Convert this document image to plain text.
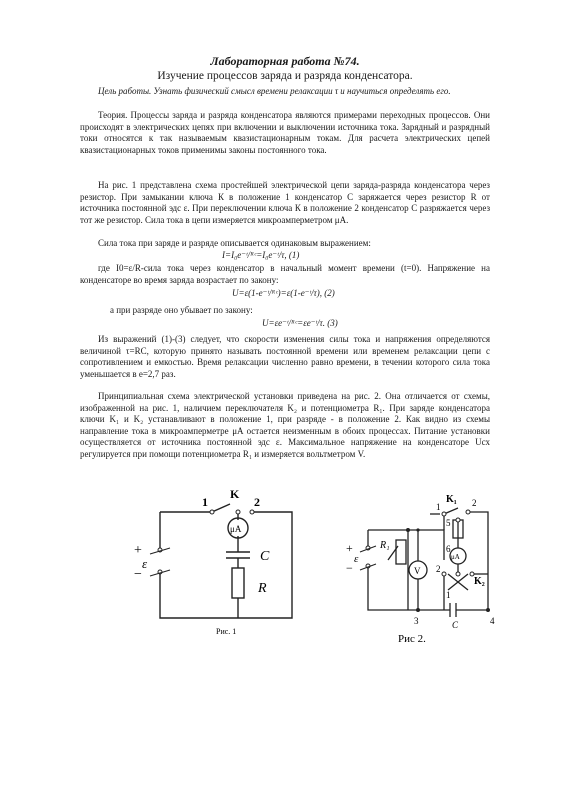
Лабораторная работа №74.
Изучение процессов заряда и разряда конденсатора.
Цель работы. Узнать физический смысл времени релаксации τ и научиться определять его.
Теория. Процессы заряда и разряда конденсатора являются примерами переходных процессов. Они происходят в электрических цепях при включении и выключении источника тока. Зарядный и разрядный токи относятся к так называемым квазистационарным токам. Для расчета электрических цепей квазистационарных токов применимы законы постоянного тока.
На рис. 1 представлена схема простейшей электрической цепи заряда-разряда конденсатора через резистор. При замыкании ключа К в положение 1 конденсатор С заряжается через резистор R от источника постоянной эдс ε. При переключении ключа К в положение 2 конденсатор С разряжается через тот же резистор. Сила тока в цепи измеряется микроамперметром μA.
Сила тока при заряде и разряде описывается одинаковым выражением:
I=I₀e⁻ᵗ/ᴿᶜ=I₀e⁻ᵗ/τ, (1)
где I0=ε/R-сила тока через конденсатор в начальный момент времени (t=0). Напряжение на конденсаторе во время заряда возрастает по закону:
U=ε(1-e⁻ᵗ/ᴿᶜ)=ε(1-e⁻ᵗ/τ), (2)
а при разряде оно убывает по закону:
U=εe⁻ᵗ/ᴿᶜ=εe⁻ᵗ/τ. (3)
Из выражений (1)-(3) следует, что скорости изменения силы тока и напряжения определяются величиной τ=RC, которую принято называть постоянной времени или временем релаксации цепи с сопротивлением и емкостью. Время релаксации численно равно времени, в течении которого сила тока уменьшается в e=2,7 раз.
Принципиальная схема электрической установки приведена на рис. 2. Она отличается от схемы, изображенной на рис. 1, наличием переключателя K₂ и потенциометра R₁. При заряде конденсатора ключи K₁ и K₂ устанавливают в положение 1, при разряде - в положение 2. Как видно из схемы направление тока в микроамперметре μA остается неизменным в обоих процессах. Питание установки осуществляется от источника постоянной эдс ε. Максимальное напряжение на конденсаторе Uсх регулируется при помощи потенциометра R₁ и измеряется вольтметром V.
+
−
ε
1
K
2
μA
C
R
Рис. 1
+
−
ε
R₁
V
μA
K₁
K₂
C
1	2
5
6
2
1
3	4
Рис 2.
